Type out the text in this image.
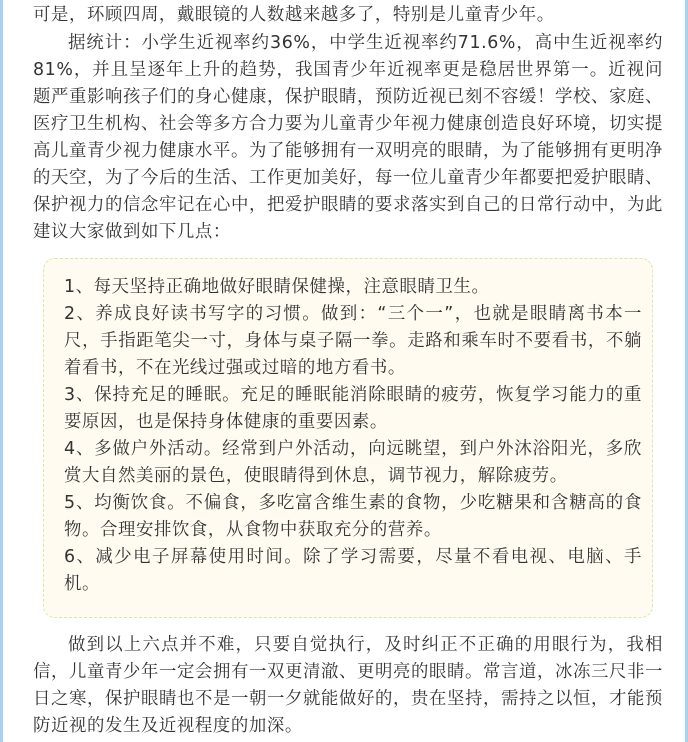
可是，环顾四周，戴眼镜的人数越来越多了，特别是儿童青少年。

据统计：小学生近视率约36%，中学生近视率约71.6%，高中生近视率约81%，并且呈逐年上升的趋势，我国青少年近视率更是稳居世界第一。近视问题严重影响孩子们的身心健康，保护眼睛，预防近视已刻不容缓！学校、家庭、医疗卫生机构、社会等多方合力要为儿童青少年视力健康创造良好环境，切实提高儿童青少视力健康水平。为了能够拥有一双明亮的眼睛，为了能够拥有更明净的天空，为了今后的生活、工作更加美好，每一位儿童青少年都要把爱护眼睛、保护视力的信念牢记在心中，把爱护眼睛的要求落实到自己的日常行动中，为此建议大家做到如下几点：

1、每天坚持正确地做好眼睛保健操，注意眼睛卫生。
2、养成良好读书写字的习惯。做到：“三个一”，也就是眼睛离书本一尺，手指距笔尖一寸，身体与桌子隔一拳。走路和乘车时不要看书，不躺着看书，不在光线过强或过暗的地方看书。
3、保持充足的睡眠。充足的睡眠能消除眼睛的疲劳，恢复学习能力的重要原因，也是保持身体健康的重要因素。
4、多做户外活动。经常到户外活动，向远眺望，到户外沐浴阳光，多欣赏大自然美丽的景色，使眼睛得到休息，调节视力，解除疲劳。
5、均衡饮食。不偏食，多吃富含维生素的食物，少吃糖果和含糖高的食物。合理安排饮食，从食物中获取充分的营养。
6、减少电子屏幕使用时间。除了学习需要，尽量不看电视、电脑、手机。

做到以上六点并不难，只要自觉执行，及时纠正不正确的用眼行为，我相信，儿童青少年一定会拥有一双更清澈、更明亮的眼睛。常言道，冰冻三尺非一日之寒，保护眼睛也不是一朝一夕就能做好的，贵在坚持，需持之以恒，才能预防近视的发生及近视程度的加深。
